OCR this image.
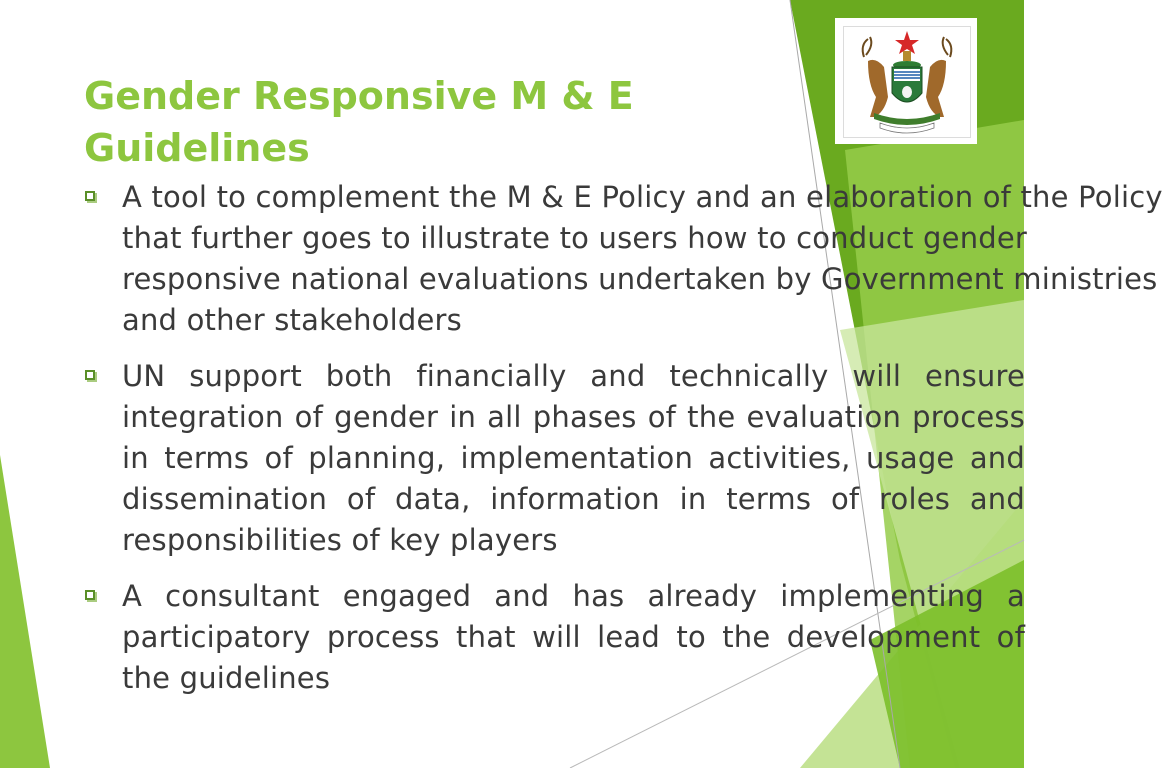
Gender Responsive M & E
Guidelines
A tool to complement the M & E Policy and an elaboration of the Policy that further goes to illustrate to users how to conduct gender responsive national evaluations undertaken by Government ministries and other stakeholders
UN support both financially and technically will ensure integration of gender in all phases of the evaluation process in terms of planning, implementation activities, usage and dissemination of data, information in terms of roles and responsibilities of key players
A consultant engaged and has already implementing a participatory process that will lead to the development of the guidelines
